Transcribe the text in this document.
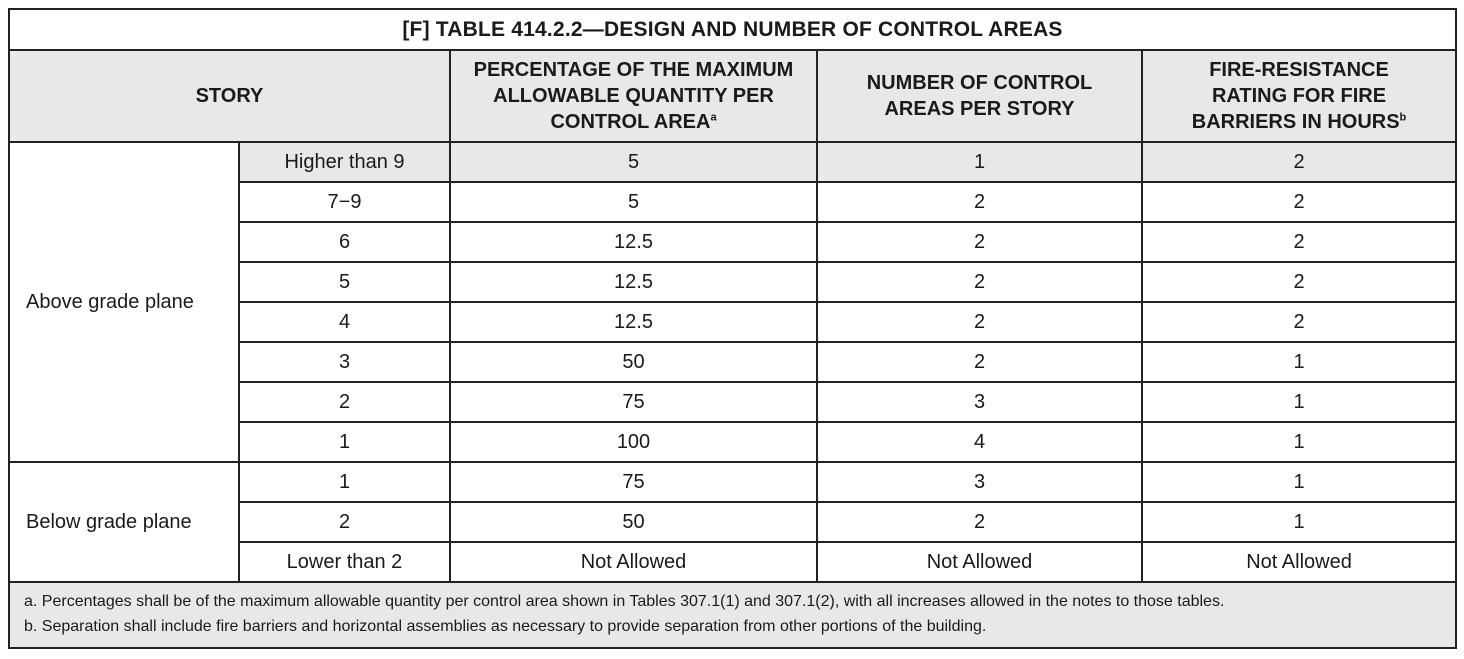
[F] TABLE 414.2.2—DESIGN AND NUMBER OF CONTROL AREAS				
STORY		PERCENTAGE OF THE MAXIMUM ALLOWABLE QUANTITY PER CONTROL AREA$^a$	NUMBER OF CONTROL AREAS PER STORY	FIRE-RESISTANCE RATING FOR FIRE BARRIERS IN HOURS$^b$
Above grade plane	Higher than 9	5	1	2
	7−9	5	2	2
	6	12.5	2	2
	5	12.5	2	2
	4	12.5	2	2
	3	50	2	1
	2	75	3	1
	1	100	4	1
Below grade plane	1	75	3	1
	2	50	2	1
	Lower than 2	Not Allowed	Not Allowed	Not Allowed

a. Percentages shall be of the maximum allowable quantity per control area shown in Tables 307.1(1) and 307.1(2), with all increases allowed in the notes to those tables.
b. Separation shall include fire barriers and horizontal assemblies as necessary to provide separation from other portions of the building.				
